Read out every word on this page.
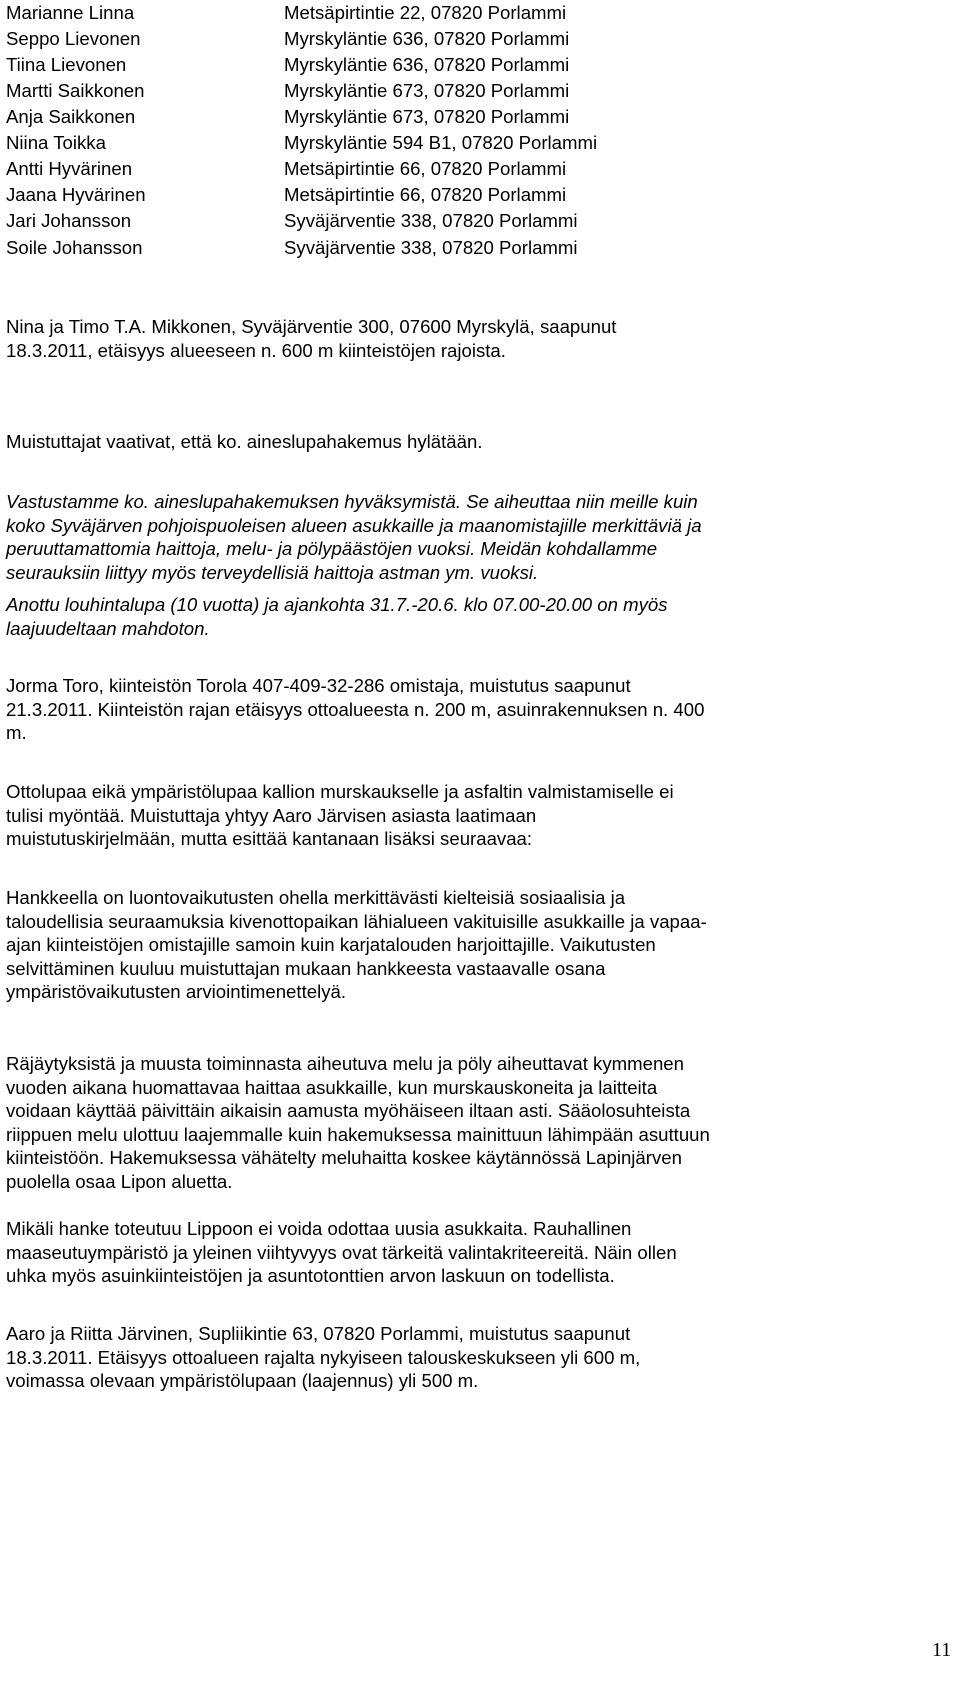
Marianne Linna	Metsäpirtintie 22, 07820 Porlammi
Seppo Lievonen	Myrskyläntie 636, 07820 Porlammi
Tiina Lievonen	Myrskyläntie 636, 07820 Porlammi
Martti Saikkonen	Myrskyläntie 673, 07820 Porlammi
Anja Saikkonen	Myrskyläntie 673, 07820 Porlammi
Niina Toikka	Myrskyläntie 594 B1, 07820 Porlammi
Antti Hyvärinen	Metsäpirtintie 66, 07820 Porlammi
Jaana Hyvärinen	Metsäpirtintie 66, 07820 Porlammi
Jari Johansson	Syväjärventie 338, 07820 Porlammi
Soile Johansson	Syväjärventie 338, 07820 Porlammi
Nina ja Timo T.A. Mikkonen, Syväjärventie 300, 07600 Myrskylä, saapunut
18.3.2011, etäisyys alueeseen n. 600 m kiinteistöjen rajoista.
Muistuttajat vaativat, että ko. aineslupahakemus hylätään.
Vastustamme ko. aineslupahakemuksen hyväksymistä. Se aiheuttaa niin meille kuin
koko Syväjärven pohjoispuoleisen alueen asukkaille ja maanomistajille merkittäviä ja
peruuttamattomia haittoja, melu- ja pölypäästöjen vuoksi. Meidän kohdallamme
seurauksiin liittyy myös terveydellisiä haittoja astman ym. vuoksi.
Anottu louhintalupa (10 vuotta) ja ajankohta 31.7.-20.6. klo 07.00-20.00 on myös
laajuudeltaan mahdoton.
Jorma Toro, kiinteistön Torola 407-409-32-286 omistaja, muistutus saapunut
21.3.2011. Kiinteistön rajan etäisyys ottoalueesta n. 200 m, asuinrakennuksen n. 400
m.
Ottolupaa eikä ympäristölupaa kallion murskaukselle ja asfaltin valmistamiselle ei
tulisi myöntää. Muistuttaja yhtyy Aaro Järvisen asiasta laatimaan
muistutuskirjelmään, mutta esittää kantanaan lisäksi seuraavaa:
Hankkeella on luontovaikutusten ohella merkittävästi kielteisiä sosiaalisia ja
taloudellisia seuraamuksia kivenottopaikan lähialueen vakituisille asukkaille ja vapaa-
ajan kiinteistöjen omistajille samoin kuin karjatalouden harjoittajille. Vaikutusten
selvittäminen kuuluu muistuttajan mukaan hankkeesta vastaavalle osana
ympäristövaikutusten arviointimenettelyä.
Räjäytyksistä ja muusta toiminnasta aiheutuva melu ja pöly aiheuttavat kymmenen
vuoden aikana huomattavaa haittaa asukkaille, kun murskauskoneita ja laitteita
voidaan käyttää päivittäin aikaisin aamusta myöhäiseen iltaan asti. Sääolosuhteista
riippuen melu ulottuu laajemmalle kuin hakemuksessa mainittuun lähimpään asuttuun
kiinteistöön. Hakemuksessa vähätelty meluhaitta koskee käytännössä Lapinjärven
puolella osaa Lipon aluetta.
Mikäli hanke toteutuu Lippoon ei voida odottaa uusia asukkaita. Rauhallinen
maaseutuympäristö ja yleinen viihtyvyys ovat tärkeitä valintakriteereitä. Näin ollen
uhka myös asuinkiinteistöjen ja asuntotonttien arvon laskuun on todellista.
Aaro ja Riitta Järvinen, Supliikintie 63, 07820 Porlammi, muistutus saapunut
18.3.2011. Etäisyys ottoalueen rajalta nykyiseen talouskeskukseen yli 600 m,
voimassa olevaan ympäristölupaan (laajennus) yli 500 m.
11
